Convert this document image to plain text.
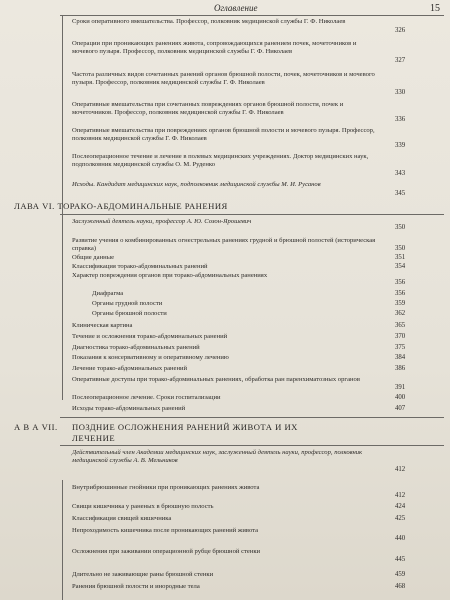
Оглавление	15
Сроки оперативного вмешательства. Профессор, полковник медицинской службы Г. Ф. Николаев
326
Операции при проникающих ранениях живота, сопровождающихся ранением почек, мочеточников и мочевого пузыря. Профессор, полковник медицинской службы Г. Ф. Николаев
327
Частота различных видов сочетанных ранений органов брюшной полости, почек, мочеточников и мочевого пузыря. Профессор, полковник медицинской службы Г. Ф. Николаев
330
Оперативные вмешательства при сочетанных повреждениях органов брюшной полости, почек и мочеточников. Профессор, полковник медицинской службы Г. Ф. Николаев
336
Оперативные вмешательства при повреждениях органов брюшной полости и мочевого пузыря. Профессор, полковник медицинской службы Г. Ф. Николаев
339
Послеоперационное течение и лечение в полевых медицинских учреждениях. Доктор медицинских наук, подполковник медицинской службы О. М. Руденко
343
Исходы. Кандидат медицинских наук, подполковник медицинской службы М. И. Русанов
345
ЛАВА VI. ТОРАКО-АБДОМИНАЛЬНЫЕ РАНЕНИЯ
Заслуженный деятель науки, профессор А. Ю. Созон-Ярошевич
350
Развитие учения о комбинированных огнестрельных ранениях грудной и брюшной полостей (историческая справка)	350
Общие данные	351
Классификация торако-абдоминальных ранений	354
Характер повреждения органов при торако-абдоминальных ранениях
356
Диафрагма	356
Органы грудной полости	359
Органы брюшной полости	362
Клиническая картина	365
Течение и осложнения торако-абдоминальных ранений	370
Диагностика торако-абдоминальных ранений	375
Показания к консервативному и оперативному лечению	384
Лечение торако-абдоминальных ранений	386
Оперативные доступы при торако-абдоминальных ранениях, обработка ран паренхиматозных органов
391
Послеоперационное лечение. Сроки госпитализации	400
Исходы торако-абдоминальных ранений	407
А В А VII. ПОЗДНИЕ ОСЛОЖНЕНИЯ РАНЕНИЙ ЖИВОТА И ИХ
ЛЕЧЕНИЕ
Действительный член Академии медицинских наук, заслуженный деятель науки, профессор, полковник медицинской службы А. В. Мельников
412
Внутрибрюшинные гнойники при проникающих ранениях живота
412
Свищи кишечника у раненых в брюшную полость	424
Классификация свищей кишечника	425
Непроходимость кишечника после проникающих ранений живота
440
Осложнения при заживании операционной рубце брюшной стенки
445
Длительно не заживающие раны брюшной стенки	459
Ранения брюшной полости и инородные тела	468
